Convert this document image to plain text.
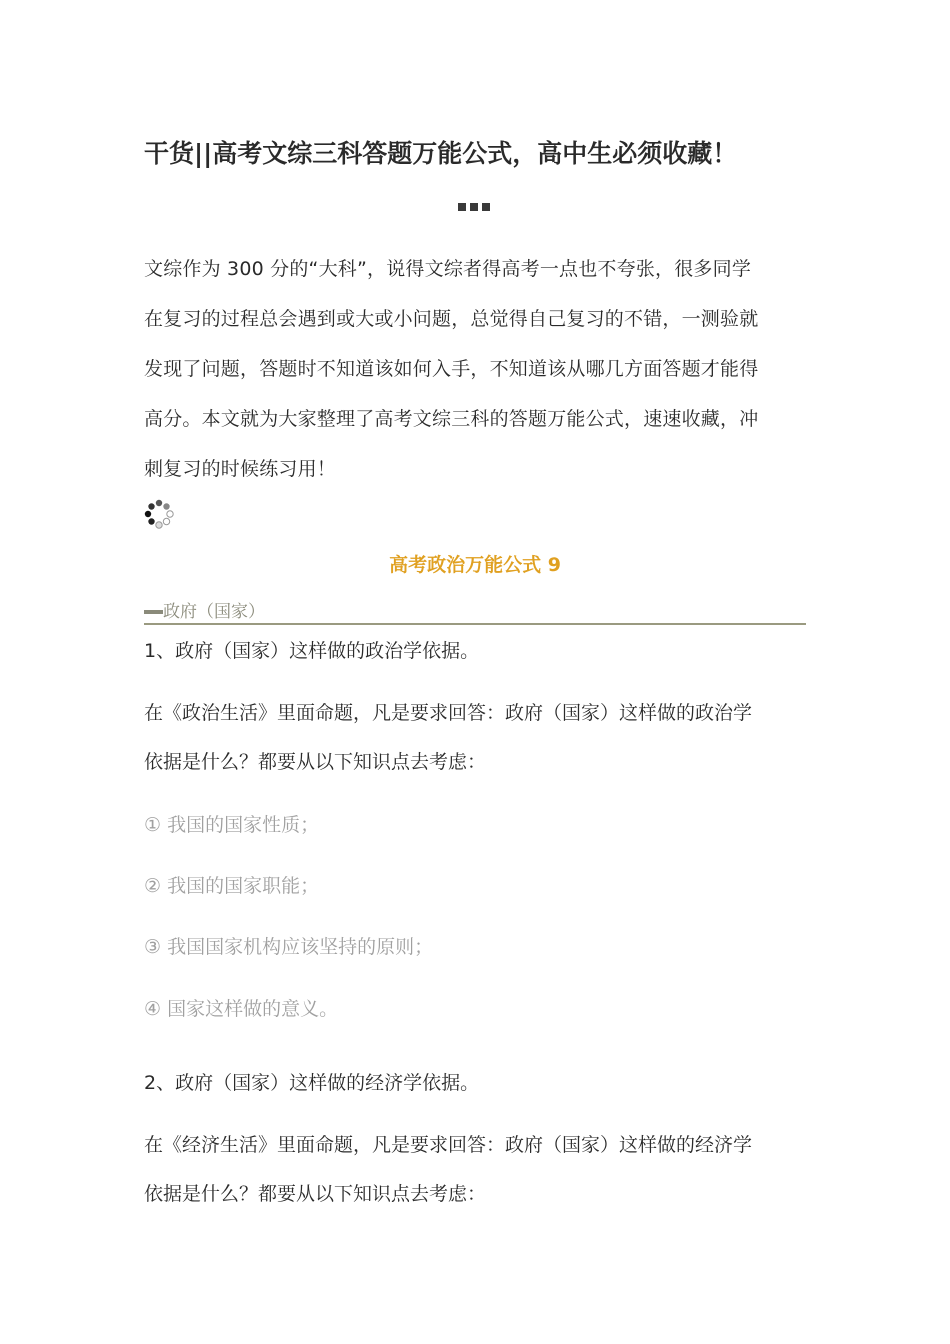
干货||高考文综三科答题万能公式，高中生必须收藏！
文综作为 300 分的“大科”，说得文综者得高考一点也不夸张，很多同学
在复习的过程总会遇到或大或小问题，总觉得自己复习的不错，一测验就
发现了问题，答题时不知道该如何入手，不知道该从哪几方面答题才能得
高分。本文就为大家整理了高考文综三科的答题万能公式，速速收藏，冲
刺复习的时候练习用！
高考政治万能公式 9
政府（国家）
1、政府（国家）这样做的政治学依据。
在《政治生活》里面命题，凡是要求回答：政府（国家）这样做的政治学
依据是什么？都要从以下知识点去考虑：
① 我国的国家性质；
② 我国的国家职能；
③ 我国国家机构应该坚持的原则；
④ 国家这样做的意义。
2、政府（国家）这样做的经济学依据。
在《经济生活》里面命题，凡是要求回答：政府（国家）这样做的经济学
依据是什么？都要从以下知识点去考虑：
